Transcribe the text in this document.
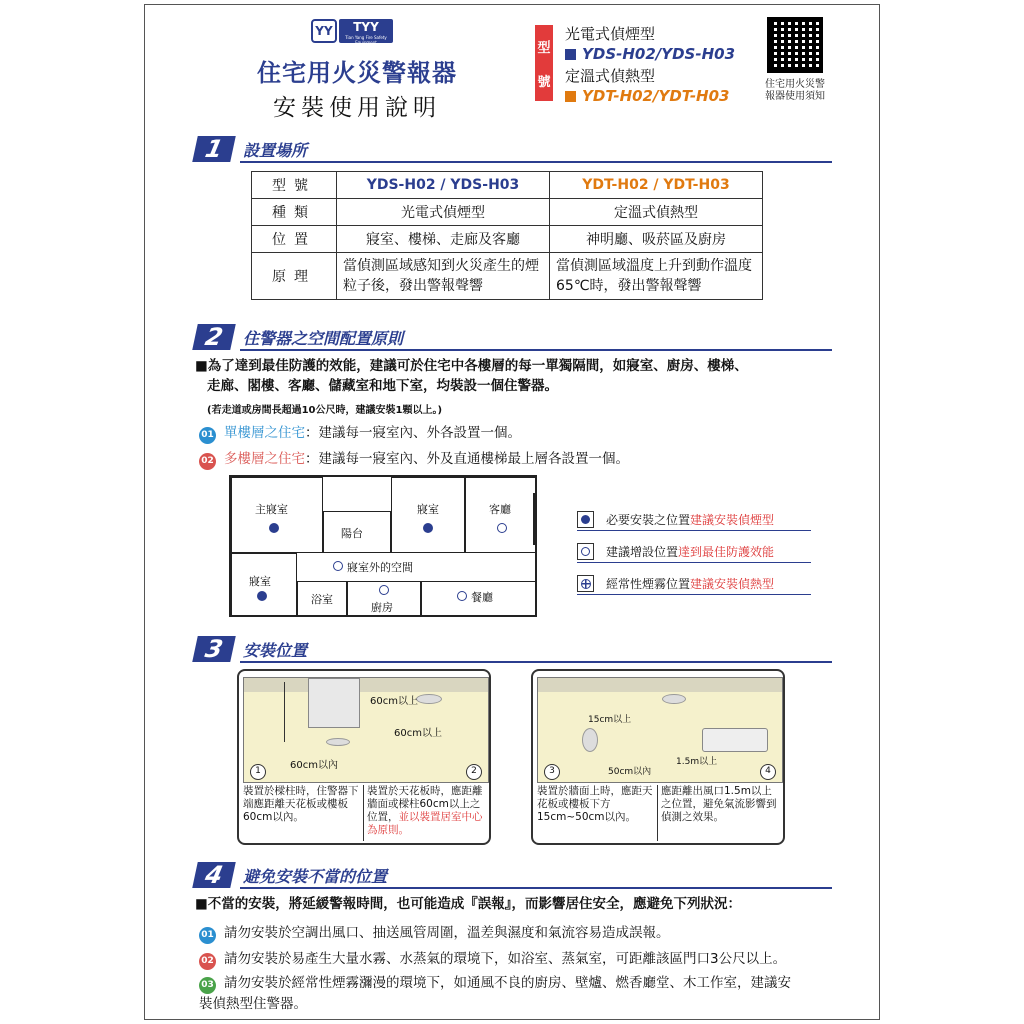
YY	TYY
Tian Yang Fire Safety Equipment
住宅用火災警報器
安裝使用說明
型
號
光電式偵煙型
YDS-H02/YDS-H03
定溫式偵熱型
YDT-H02/YDT-H03
住宅用火災警報器使用須知
1	設置場所
型號	YDS-H02 / YDS-H03	YDT-H02 / YDT-H03
種類	光電式偵煙型	定溫式偵熱型
位置	寢室、樓梯、走廊及客廳	神明廳、吸菸區及廚房
原理	當偵測區域感知到火災產生的煙粒子後，發出警報聲響	當偵測區域溫度上升到動作溫度65℃時，發出警報聲響
2	住警器之空間配置原則
■為了達到最佳防護的效能，建議可於住宅中各樓層的每一單獨隔間，如寢室、廚房、樓梯、
走廊、閣樓、客廳、儲藏室和地下室，均裝設一個住警器。
(若走道或房間長超過10公尺時，建議安裝1顆以上。)
01 單樓層之住宅：建議每一寢室內、外各設置一個。
02 多樓層之住宅：建議每一寢室內、外及直通樓梯最上層各設置一個。
主寢室
陽台
寢室	客廳
寢室外的空間
寢室
浴室
廚房
餐廳
必要安裝之位置 建議安裝偵煙型
建議增設位置 達到最佳防護效能
經常性煙霧位置 建議安裝偵熱型
3	安裝位置
60cm以上
60cm以上
60cm以內
1	2
裝置於樑柱時，住警器下端應距離天花板或樓板60cm以內。
裝置於天花板時，應距離牆面或樑柱60cm以上之位置，並以裝置居室中心為原則。
15cm以上
50cm以內
1.5m以上
3	4
裝置於牆面上時，應距天花板或樓板下方15cm~50cm以內。
應距離出風口1.5m以上之位置，避免氣流影響到偵測之效果。
4	避免安裝不當的位置
■不當的安裝，將延緩警報時間，也可能造成『誤報』，而影響居住安全，應避免下列狀況：
01 請勿安裝於空調出風口、抽送風管周圍，溫差與濕度和氣流容易造成誤報。
02 請勿安裝於易產生大量水霧、水蒸氣的環境下，如浴室、蒸氣室，可距離該區門口3公尺以上。
03 請勿安裝於經常性煙霧瀰漫的環境下，如通風不良的廚房、壁爐、燃香廳堂、木工作室，建議安裝偵熱型住警器。
